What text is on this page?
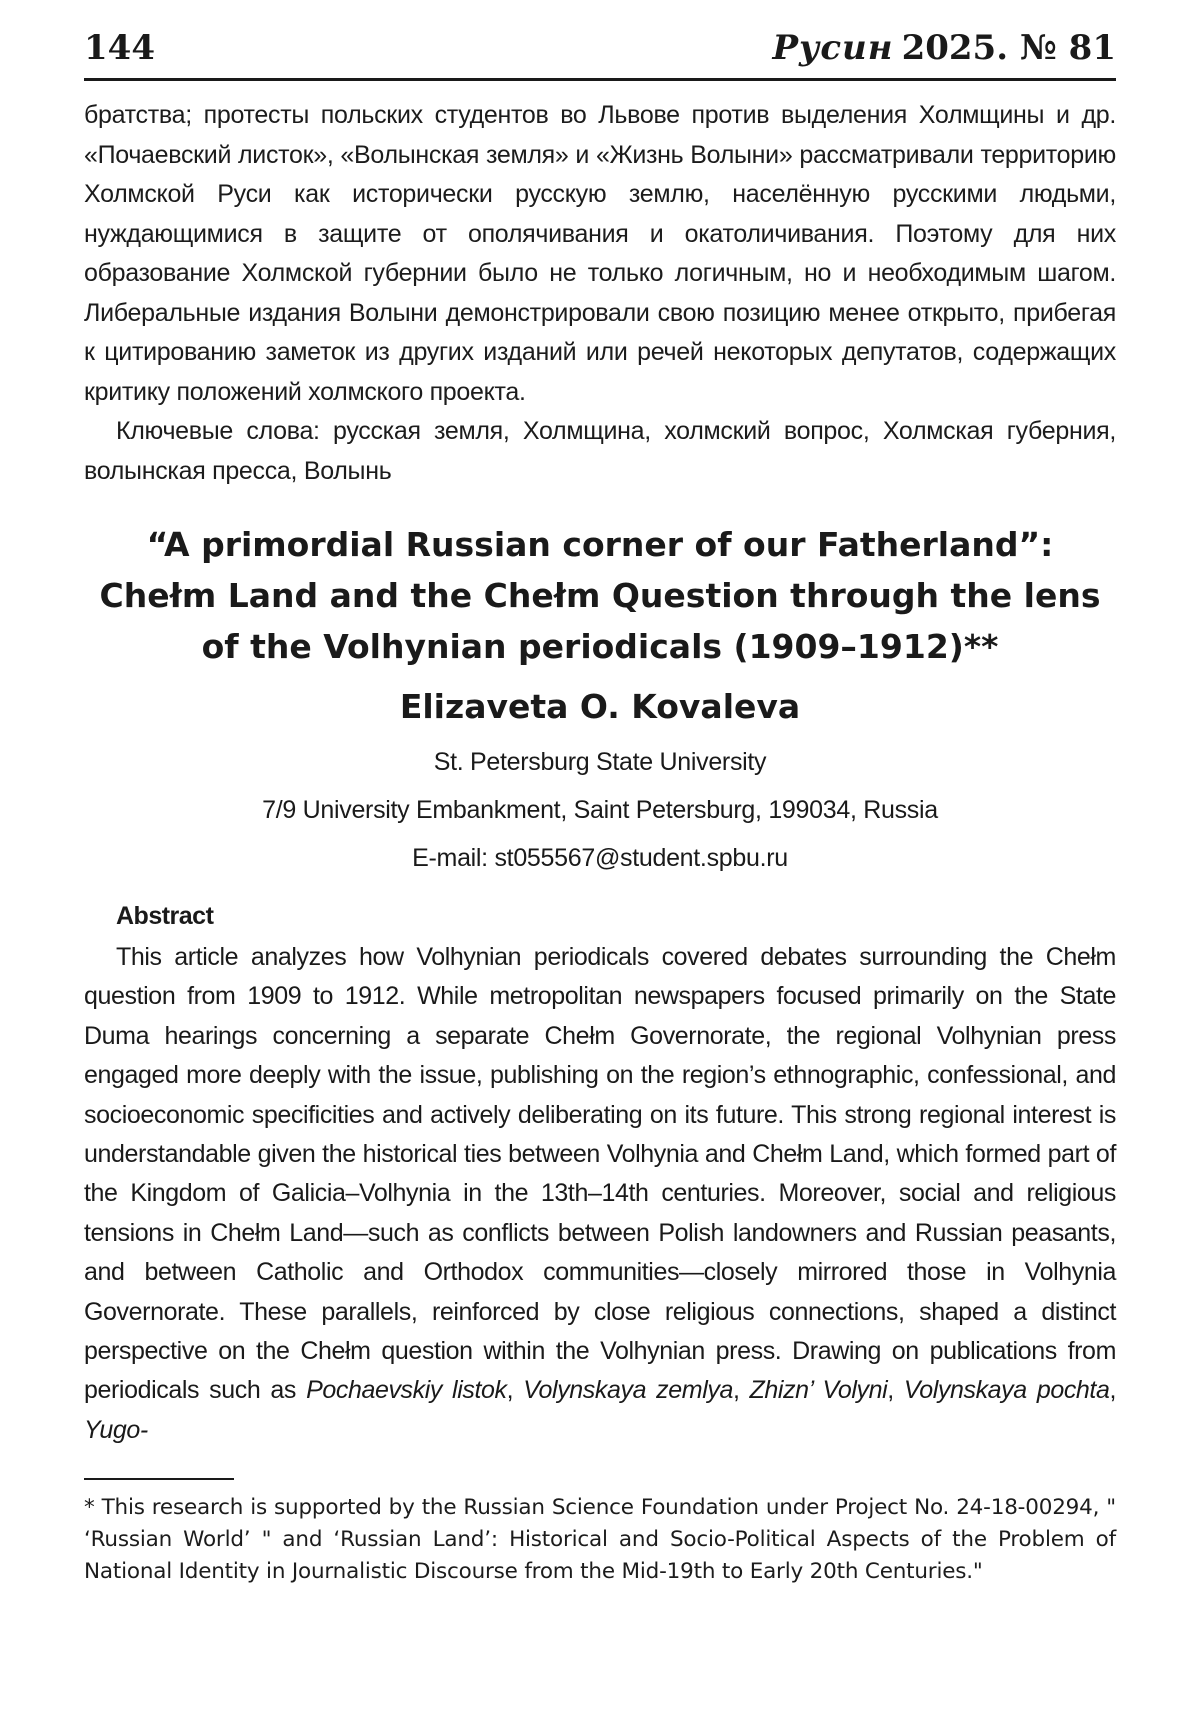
144	Русин 2025. № 81

братства; протесты польских студентов во Львове против выделения Холмщины и др. «Почаевский листок», «Волынская земля» и «Жизнь Волыни» рассматривали территорию Холмской Руси как исторически русскую землю, населённую русскими людьми, нуждающимися в защите от ополячивания и окатоличивания. Поэтому для них образование Холмской губернии было не только логичным, но и необходимым шагом. Либеральные издания Волыни демонстрировали свою позицию менее открыто, прибегая к цитированию заметок из других изданий или речей некоторых депутатов, содержащих критику положений холмского проекта.

Ключевые слова: русская земля, Холмщина, холмский вопрос, Холмская губерния, волынская пресса, Волынь

“A primordial Russian corner of our Fatherland”:
Chełm Land and the Chełm Question through the lens
of the Volhynian periodicals (1909–1912)**
Elizaveta O. Kovaleva
St. Petersburg State University
7/9 University Embankment, Saint Petersburg, 199034, Russia
E-mail: st055567@student.spbu.ru
Abstract

This article analyzes how Volhynian periodicals covered debates surrounding the Chełm question from 1909 to 1912. While metropolitan newspapers focused primarily on the State Duma hearings concerning a separate Chełm Governorate, the regional Volhynian press engaged more deeply with the issue, publishing on the region’s ethnographic, confessional, and socioeconomic specificities and actively deliberating on its future. This strong regional interest is understandable given the historical ties between Volhynia and Chełm Land, which formed part of the Kingdom of Galicia–Volhynia in the 13th–14th centuries. Moreover, social and religious tensions in Chełm Land—such as conflicts between Polish landowners and Russian peasants, and between Catholic and Orthodox communities—closely mirrored those in Volhynia Governorate. These parallels, reinforced by close religious connections, shaped a distinct perspective on the Chełm question within the Volhynian press. Drawing on publications from periodicals such as Pochaevskiy listok, Volynskaya zemlya, Zhizn’ Volyni, Volynskaya pochta, Yugo-

* This research is supported by the Russian Science Foundation under Project No. 24-18-00294, " ‘Russian World’ " and ‘Russian Land’: Historical and Socio-Political Aspects of the Problem of National Identity in Journalistic Discourse from the Mid-19th to Early 20th Centuries."
